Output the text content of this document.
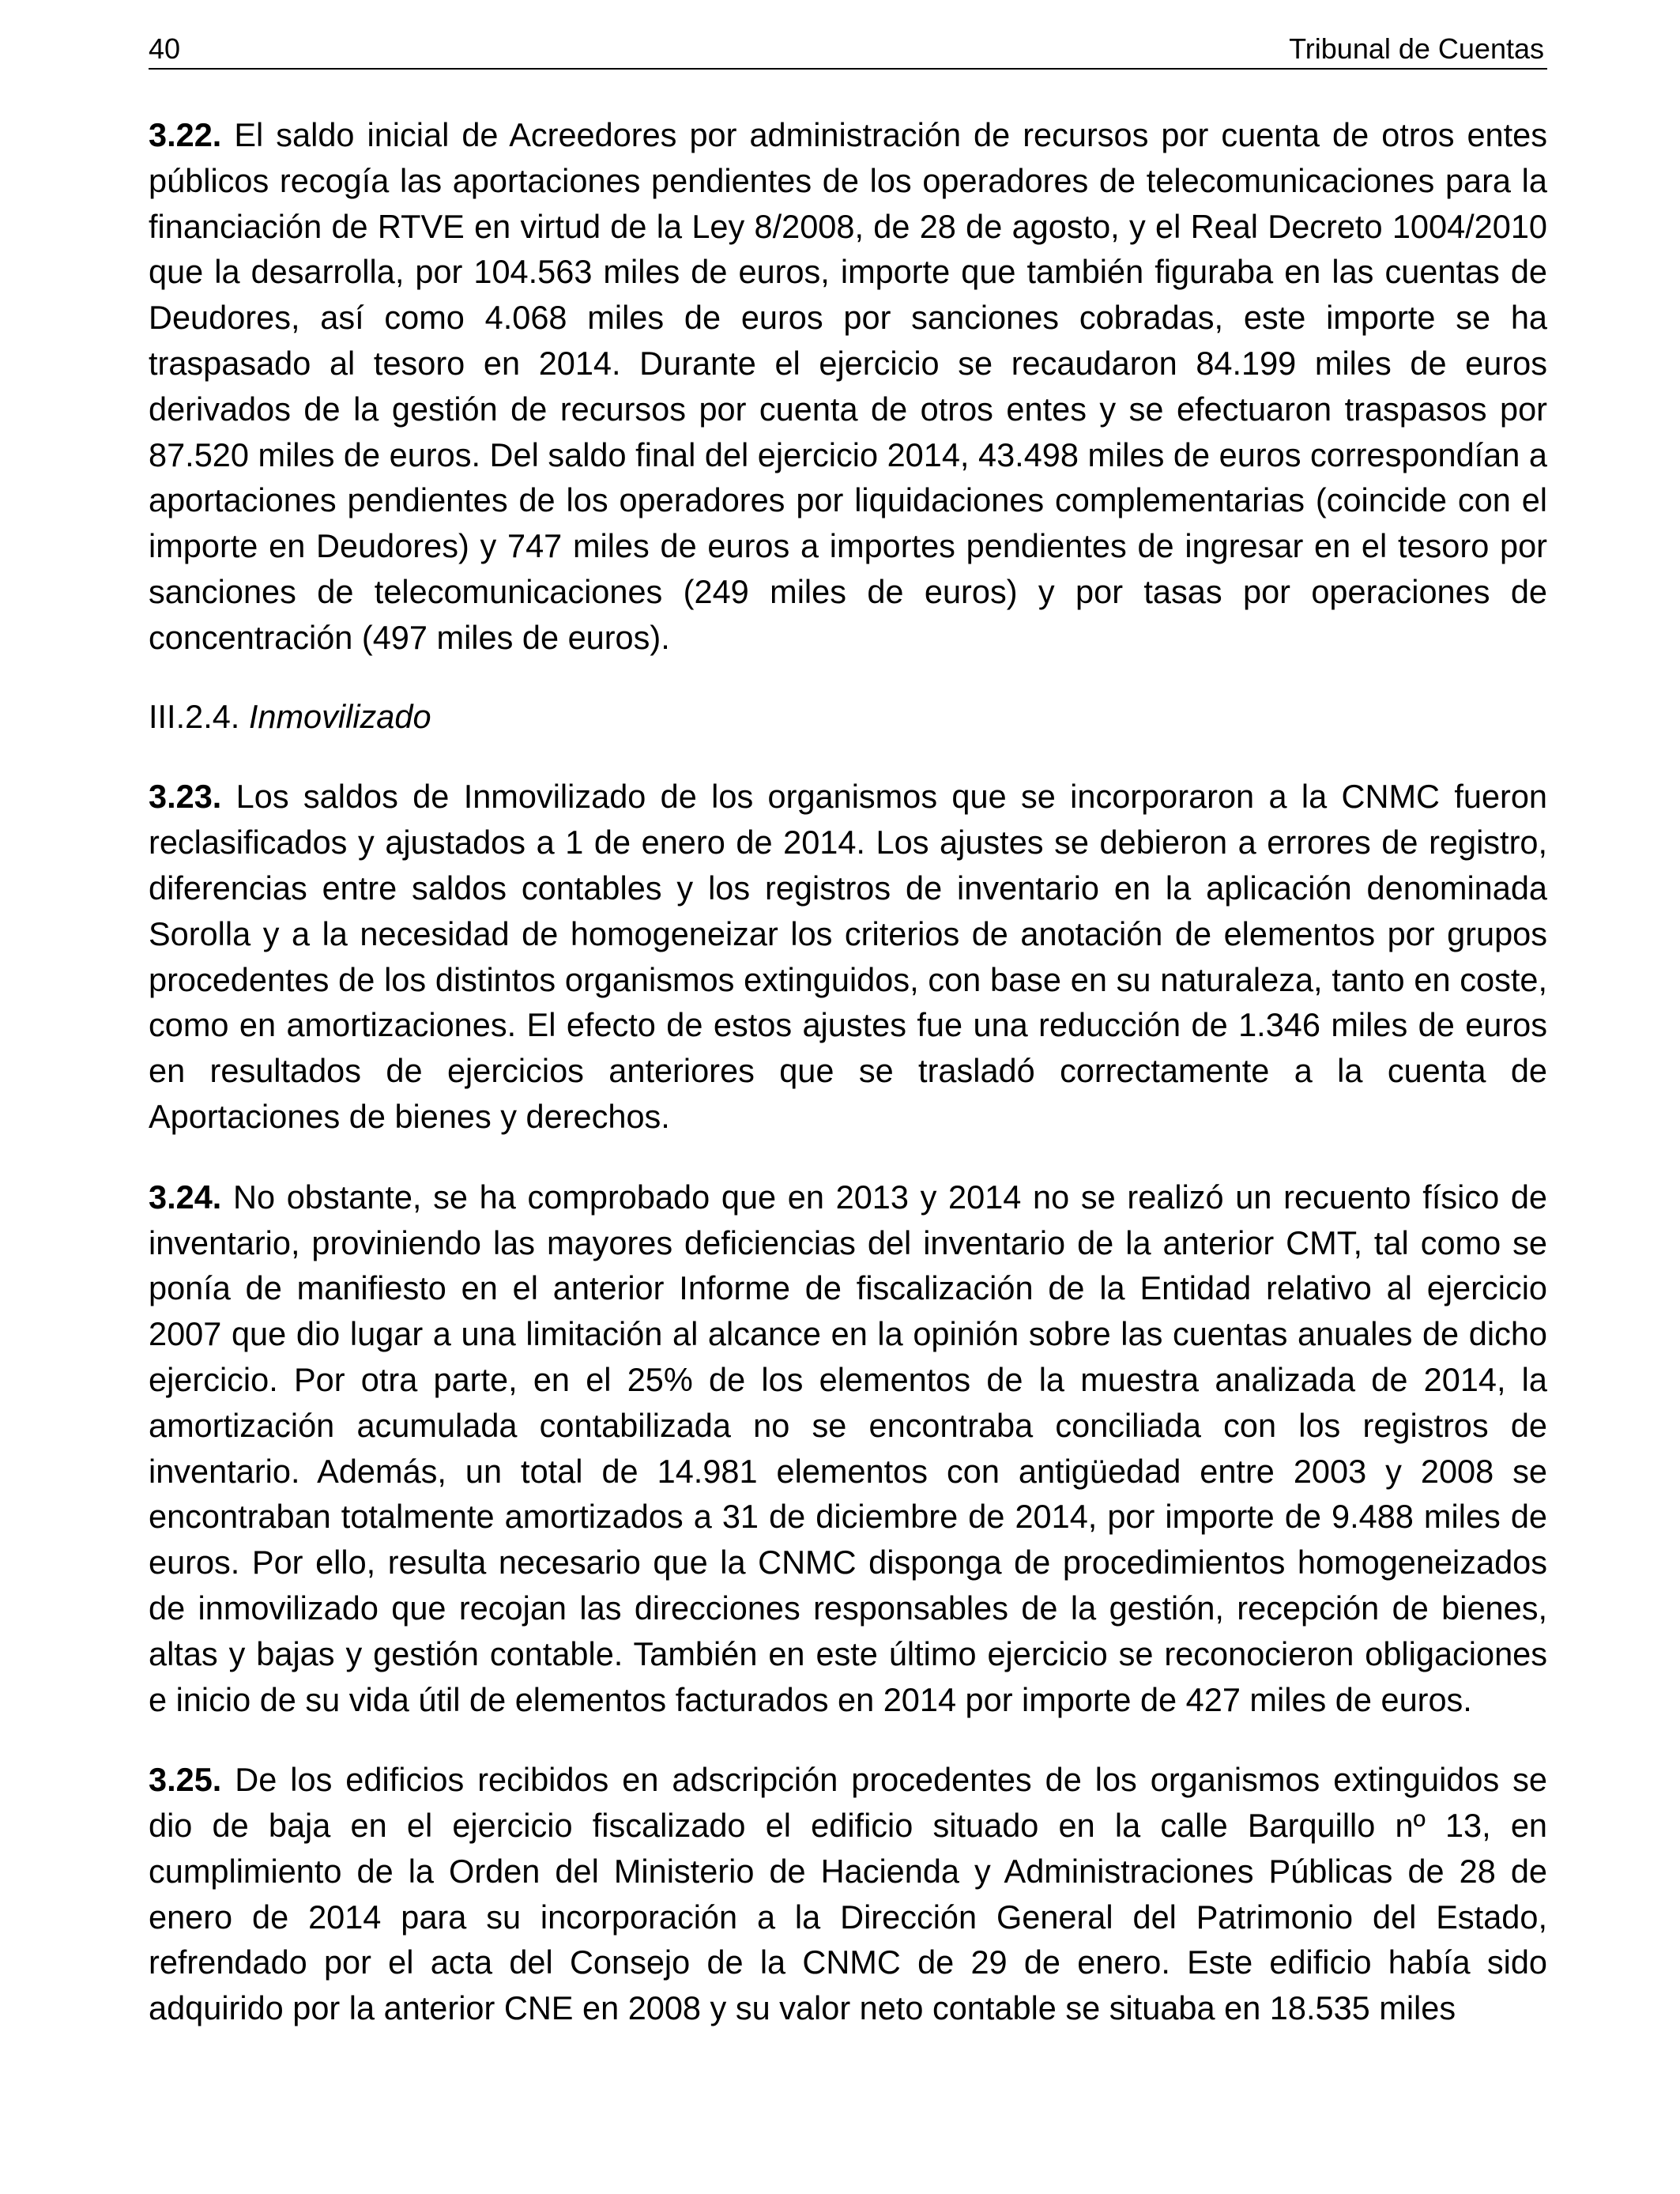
40	Tribunal de Cuentas

3.22. El saldo inicial de Acreedores por administración de recursos por cuenta de otros entes públicos recogía las aportaciones pendientes de los operadores de telecomunicaciones para la financiación de RTVE en virtud de la Ley 8/2008, de 28 de agosto, y el Real Decreto 1004/2010 que la desarrolla, por 104.563 miles de euros, importe que también figuraba en las cuentas de Deudores, así como 4.068 miles de euros por sanciones cobradas, este importe se ha traspasado al tesoro en 2014. Durante el ejercicio se recaudaron 84.199 miles de euros derivados de la gestión de recursos por cuenta de otros entes y se efectuaron traspasos por 87.520 miles de euros. Del saldo final del ejercicio 2014, 43.498 miles de euros correspondían a aportaciones pendientes de los operadores por liquidaciones complementarias (coincide con el importe en Deudores) y 747 miles de euros a importes pendientes de ingresar en el tesoro por sanciones de telecomunicaciones (249 miles de euros) y por tasas por operaciones de concentración (497 miles de euros).

III.2.4. Inmovilizado

3.23. Los saldos de Inmovilizado de los organismos que se incorporaron a la CNMC fueron reclasificados y ajustados a 1 de enero de 2014. Los ajustes se debieron a errores de registro, diferencias entre saldos contables y los registros de inventario en la aplicación denominada Sorolla y a la necesidad de homogeneizar los criterios de anotación de elementos por grupos procedentes de los distintos organismos extinguidos, con base en su naturaleza, tanto en coste, como en amortizaciones. El efecto de estos ajustes fue una reducción de 1.346 miles de euros en resultados de ejercicios anteriores que se trasladó correctamente a la cuenta de Aportaciones de bienes y derechos.

3.24. No obstante, se ha comprobado que en 2013 y 2014 no se realizó un recuento físico de inventario, proviniendo las mayores deficiencias del inventario de la anterior CMT, tal como se ponía de manifiesto en el anterior Informe de fiscalización de la Entidad relativo al ejercicio 2007 que dio lugar a una limitación al alcance en la opinión sobre las cuentas anuales de dicho ejercicio. Por otra parte, en el 25% de los elementos de la muestra analizada de 2014, la amortización acumulada contabilizada no se encontraba conciliada con los registros de inventario. Además, un total de 14.981 elementos con antigüedad entre 2003 y 2008 se encontraban totalmente amortizados a 31 de diciembre de 2014, por importe de 9.488 miles de euros. Por ello, resulta necesario que la CNMC disponga de procedimientos homogeneizados de inmovilizado que recojan las direcciones responsables de la gestión, recepción de bienes, altas y bajas y gestión contable. También en este último ejercicio se reconocieron obligaciones e inicio de su vida útil de elementos facturados en 2014 por importe de 427 miles de euros.

3.25. De los edificios recibidos en adscripción procedentes de los organismos extinguidos se dio de baja en el ejercicio fiscalizado el edificio situado en la calle Barquillo nº 13, en cumplimiento de la Orden del Ministerio de Hacienda y Administraciones Públicas de 28 de enero de 2014 para su incorporación a la Dirección General del Patrimonio del Estado, refrendado por el acta del Consejo de la CNMC de 29 de enero. Este edificio había sido adquirido por la anterior CNE en 2008 y su valor neto contable se situaba en 18.535 miles
